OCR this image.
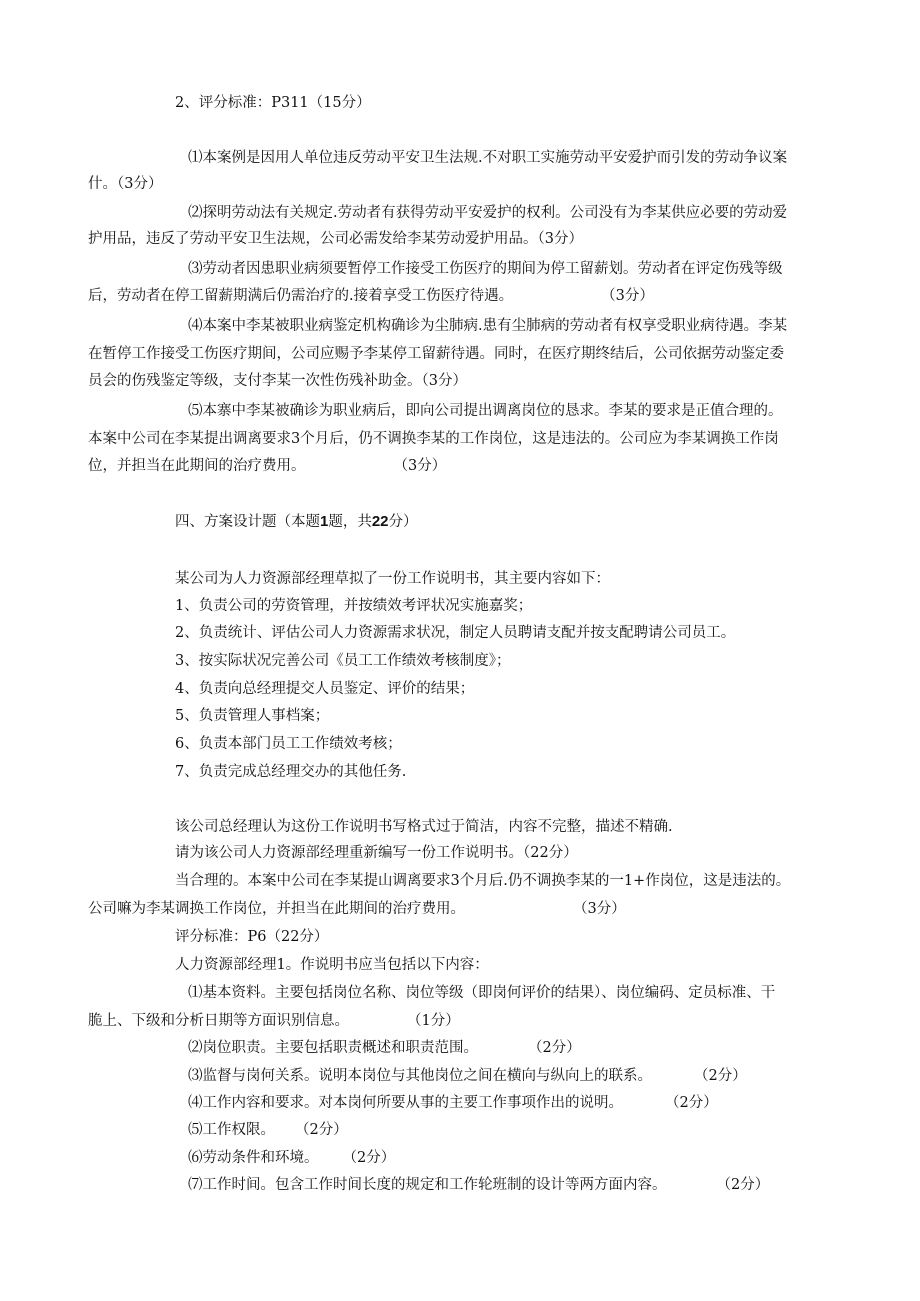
2、评分标准：P311（15分）
⑴本案例是因用人单位违反劳动平安卫生法规.不对职工实施劳动平安爱护而引发的劳动争议案
什。（3分）
⑵探明劳动法有关规定.劳动者有获得劳动平安爱护的权利。公司没有为李某供应必要的劳动爱
护用品，违反了劳动平安卫生法规，公司必需发给李某劳动爱护用品。（3分）
⑶劳动者因患职业病须要暂停工作接受工伤医疗的期间为停工留薪划。劳动者在评定伤残等级
后，劳动者在停工留薪期满后仍需治疗的.接着享受工伤医疗待遇。	（3分）
⑷本案中李某被职业病鉴定机构确诊为尘肺病.患有尘肺病的劳动者有权享受职业病待遇。李某
在暂停工作接受工伤医疗期间，公司应赐予李某停工留薪待遇。同时，在医疗期终结后，公司依据劳动鉴定委
员会的伤残鉴定等级，支付李某一次性伤残补助金。（3分）
⑸本寨中李某被确诊为职业病后，即向公司提出调离岗位的恳求。李某的要求是正值合理的。
本案中公司在李某提出调离要求3个月后，仍不调换李某的工作岗位，这是违法的。公司应为李某调换工作岗
位，并担当在此期间的治疗费用。	（3分）
四、方案设计题（本题1题，共22分）
某公司为人力资源部经理草拟了一份工作说明书，其主要内容如下：
1、负责公司的劳资管理，并按绩效考评状况实施嘉奖；
2、负责统计、评估公司人力资源需求状况，制定人员聘请支配并按支配聘请公司员工。
3、按实际状况完善公司《员工工作绩效考核制度》；
4、负责向总经理提交人员鉴定、评价的结果；
5、负责管理人事档案；
6、负责本部门员工工作绩效考核；
7、负责完成总经理交办的其他任务.
该公司总经理认为这份工作说明书写格式过于简洁，内容不完整，描述不精确.
请为该公司人力资源部经理重新编写一份工作说明书。（22分）
当合理的。本案中公司在李某提山调离要求3个月后.仍不调换李某的一1+作岗位，这是违法的。
公司嘛为李某调换工作岗位，并担当在此期间的治疗费用。	（3分）
评分标准：P6（22分）
人力资源部经理1。作说明书应当包括以下内容：
⑴基本资料。主要包括岗位名称、岗位等级（即岗何评价的结果）、岗位编码、定员标准、干
脆上、下级和分析日期等方面识别信息。	（1分）
⑵岗位职责。主要包括职责概述和职责范围。	（2分）
⑶监督与岗何关系。说明本岗位与其他岗位之间在横向与纵向上的联系。	（2分）
⑷工作内容和要求。对本岗何所要从事的主要工作事项作出的说明。	（2分）
⑸工作权限。 （2分）
⑹劳动条件和环境。 （2分）
⑺工作时间。包含工作时间长度的规定和工作轮班制的设计等两方面内容。	（2分）
